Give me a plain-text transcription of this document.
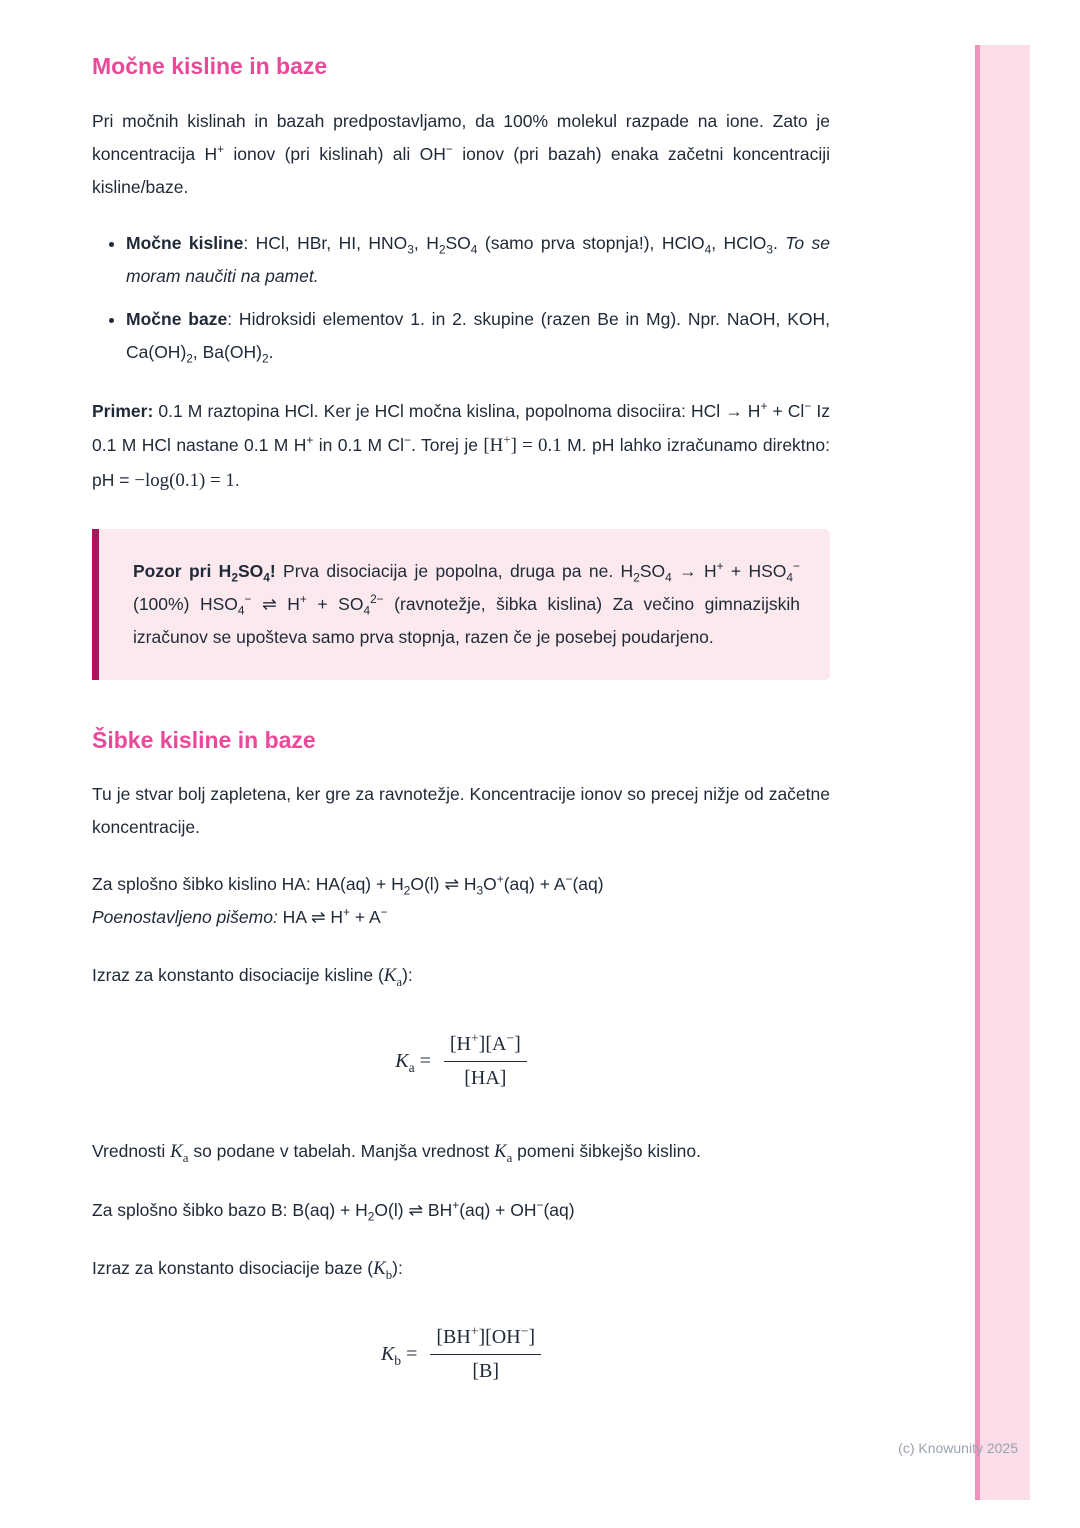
Močne kisline in baze

Pri močnih kislinah in bazah predpostavljamo, da 100% molekul razpade na ione. Zato je koncentracija H+ ionov (pri kislinah) ali OH− ionov (pri bazah) enaka začetni koncentraciji kisline/baze.

• Močne kisline: HCl, HBr, HI, $HNO_3$, $H_2SO_4$ (samo prva stopnja!), HClO$_4$, HClO$_3$. To se moram naučiti na pamet.
• Močne baze: Hidroksidi elementov 1. in 2. skupine (razen Be in Mg). Npr. NaOH, KOH, $Ca(OH)_2$, $Ba(OH)_2$.

Primer: 0.1 M raztopina HCl. Ker je HCl močna kislina, popolnoma disociira: HCl → H+ + Cl− Iz 0.1 M HCl nastane 0.1 M H+ in 0.1 M Cl−. Torej je [H+] = 0.1 M. pH lahko izračunamo direktno: pH = −log(0.1) = 1.

Pozor pri $H_2SO_4$! Prva disociacija je popolna, druga pa ne. $H_2SO_4 \to H^+ + HSO_4^-$ (100%) $HSO_4^-$ ⇌ $H^+ + SO_4^{2-}$ (ravnotežje, šibka kislina) Za večino gimnazijskih izračunov se upošteva samo prva stopnja, razen če je posebej poudarjeno.

Šibke kisline in baze

Tu je stvar bolj zapletena, ker gre za ravnotežje. Koncentracije ionov so precej nižje od začetne koncentracije.

Za splošno šibko kislino HA: $HA(aq) + H_2O(l)$ ⇌ $H_3O^+(aq) + A^-(aq)$
Poenostavljeno pišemo: HA ⇌ H+ + A−

Izraz za konstanto disociacije kisline $(K_a)$:

$K_a = \frac{[H^+][A^-]}{[HA]}$

Vrednosti $K_a$ so podane v tabelah. Manjša vrednost $K_a$ pomeni šibkejšo kislino.

Za splošno šibko bazo B: $B(aq) + H_2O(l)$ ⇌ BH+(aq) + OH−(aq)

Izraz za konstanto disociacije baze $(K_b)$:

$K_b = \frac{[BH^+][OH^-]}{[B]}$
(c) Knowunity 2025
